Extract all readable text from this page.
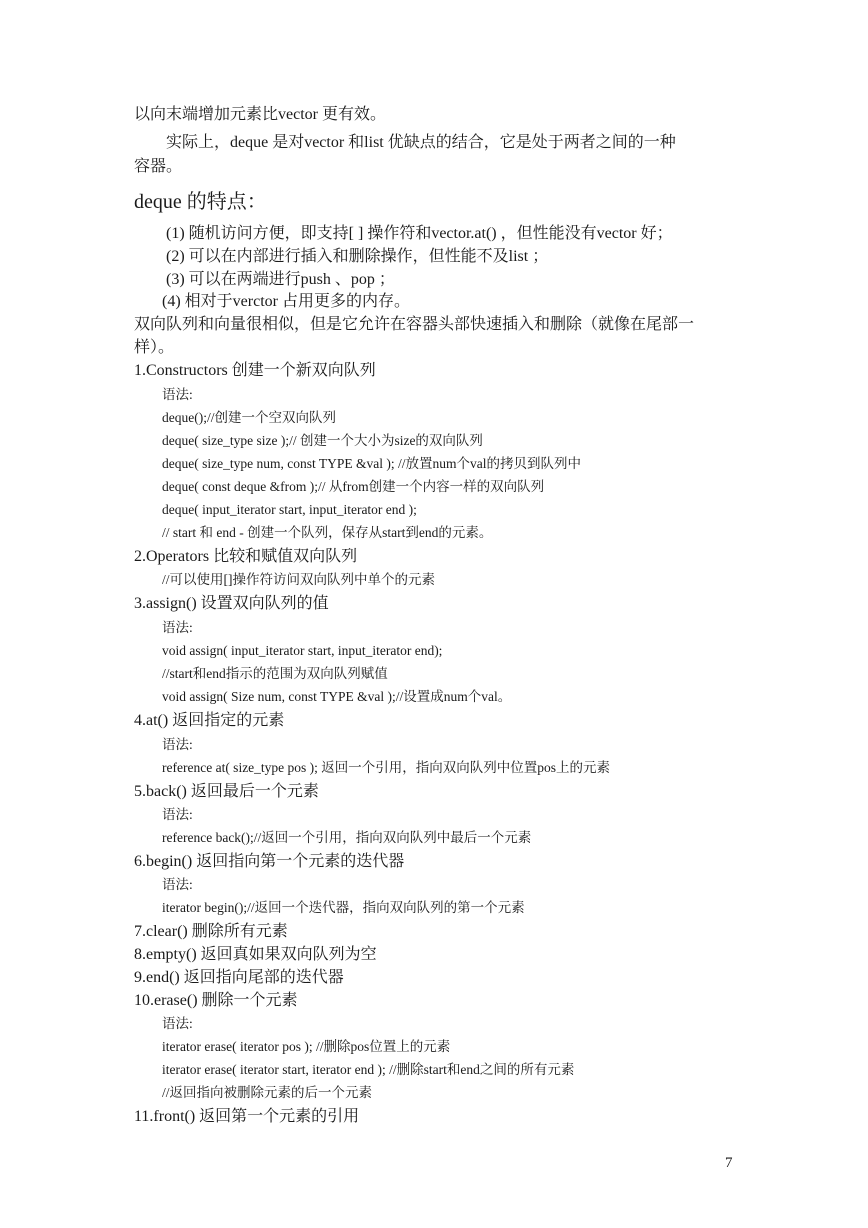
以向末端增加元素比vector 更有效。
实际上，deque 是对vector 和list 优缺点的结合，它是处于两者之间的一种
容器。
deque 的特点：
(1) 随机访问方便，即支持[ ] 操作符和vector.at() ，但性能没有vector 好；
(2) 可以在内部进行插入和删除操作，但性能不及list ；
(3) 可以在两端进行push 、pop ；
(4) 相对于verctor 占用更多的内存。
双向队列和向量很相似，但是它允许在容器头部快速插入和删除（就像在尾部一
样）。
1.Constructors 创建一个新双向队列
语法:
deque();//创建一个空双向队列
deque( size_type size );// 创建一个大小为size的双向队列
deque( size_type num, const TYPE &val ); //放置num个val的拷贝到队列中
deque( const deque &from );// 从from创建一个内容一样的双向队列
deque( input_iterator start, input_iterator end );
// start 和 end - 创建一个队列，保存从start到end的元素。
2.Operators 比较和赋值双向队列
//可以使用[]操作符访问双向队列中单个的元素
3.assign() 设置双向队列的值
语法:
void assign( input_iterator start, input_iterator end);
//start和end指示的范围为双向队列赋值
void assign( Size num, const TYPE &val );//设置成num个val。
4.at() 返回指定的元素
语法:
reference at( size_type pos ); 返回一个引用，指向双向队列中位置pos上的元素
5.back() 返回最后一个元素
语法:
reference back();//返回一个引用，指向双向队列中最后一个元素
6.begin() 返回指向第一个元素的迭代器
语法:
iterator begin();//返回一个迭代器，指向双向队列的第一个元素
7.clear() 删除所有元素
8.empty() 返回真如果双向队列为空
9.end() 返回指向尾部的迭代器
10.erase() 删除一个元素
语法:
iterator erase( iterator pos ); //删除pos位置上的元素
iterator erase( iterator start, iterator end ); //删除start和end之间的所有元素
//返回指向被删除元素的后一个元素
11.front() 返回第一个元素的引用
7
